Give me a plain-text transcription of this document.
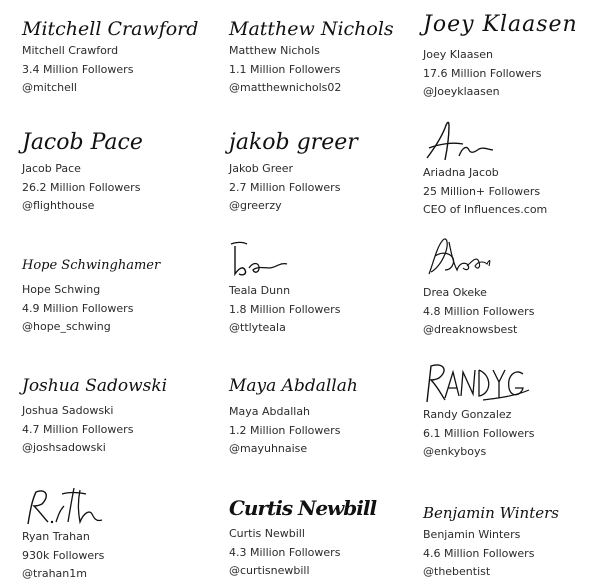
Mitchell Crawford
Mitchell Crawford
3.4 Million Followers
@mitchell
Matthew Nichols
Matthew Nichols
1.1 Million Followers
@matthewnichols02
Joey Klaasen
Joey Klaasen
17.6 Million Followers
@Joeyklaasen
Jacob Pace
Jacob Pace
26.2 Million Followers
@flighthouse
jakob greer
Jakob Greer
2.7 Million Followers
@greerzy
Ariadna Jacob
25 Million+ Followers
CEO of Influences.com
Hope Schwinghamer
Hope Schwing
4.9 Million Followers
@hope_schwing
Teala Dunn
1.8 Million Followers
@ttlyteala
Drea Okeke
4.8 Million Followers
@dreaknowsbest
Joshua Sadowski
Joshua Sadowski
4.7 Million Followers
@joshsadowski
Maya Abdallah
Maya Abdallah
1.2 Million Followers
@mayuhnaise
Randy Gonzalez
6.1 Million Followers
@enkyboys
Ryan Trahan
930k Followers
@trahan1m
Curtis Newbill
Curtis Newbill
4.3 Million Followers
@curtisnewbill
Benjamin Winters
Benjamin Winters
4.6 Million Followers
@thebentist
